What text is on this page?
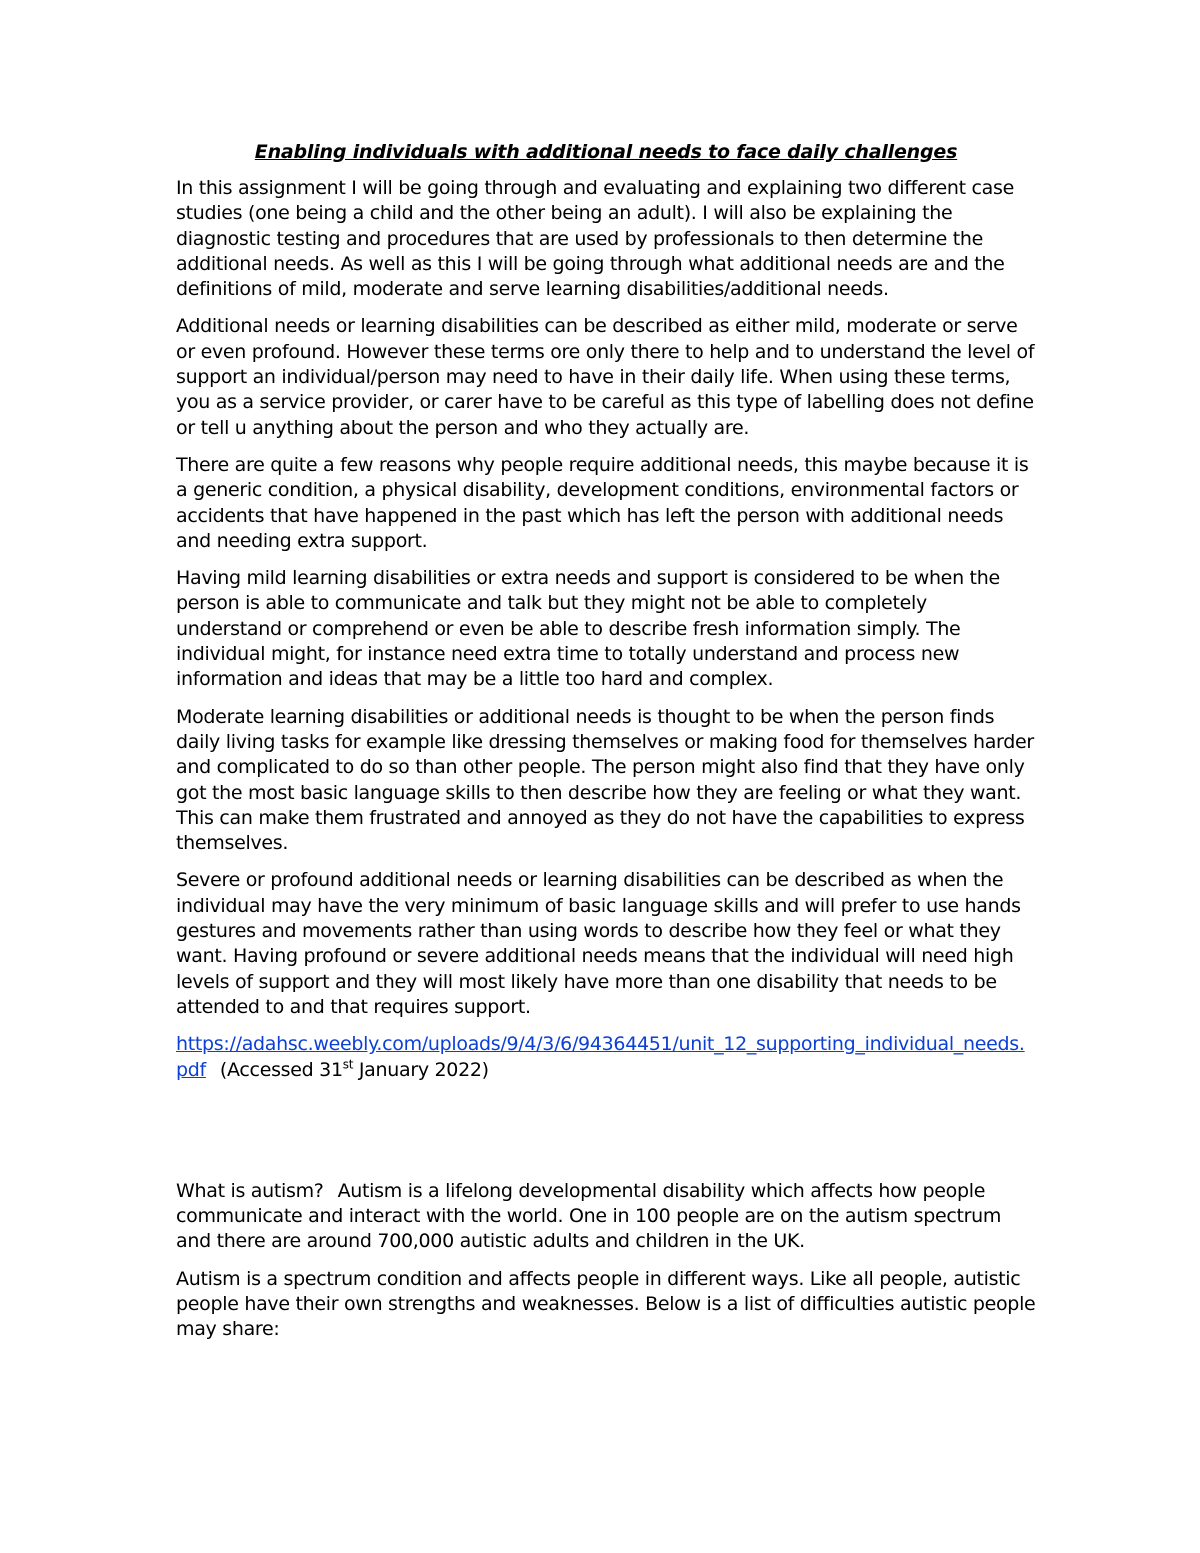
Enabling individuals with additional needs to face daily challenges

In this assignment I will be going through and evaluating and explaining two different case studies (one being a child and the other being an adult). I will also be explaining the diagnostic testing and procedures that are used by professionals to then determine the additional needs. As well as this I will be going through what additional needs are and the definitions of mild, moderate and serve learning disabilities/additional needs.

Additional needs or learning disabilities can be described as either mild, moderate or serve or even profound. However these terms ore only there to help and to understand the level of support an individual/person may need to have in their daily life. When using these terms, you as a service provider, or carer have to be careful as this type of labelling does not define or tell u anything about the person and who they actually are.

There are quite a few reasons why people require additional needs, this maybe because it is a generic condition, a physical disability, development conditions, environmental factors or accidents that have happened in the past which has left the person with additional needs and needing extra support.

Having mild learning disabilities or extra needs and support is considered to be when the person is able to communicate and talk but they might not be able to completely understand or comprehend or even be able to describe fresh information simply. The individual might, for instance need extra time to totally understand and process new information and ideas that may be a little too hard and complex.

Moderate learning disabilities or additional needs is thought to be when the person finds daily living tasks for example like dressing themselves or making food for themselves harder and complicated to do so than other people. The person might also find that they have only got the most basic language skills to then describe how they are feeling or what they want. This can make them frustrated and annoyed as they do not have the capabilities to express themselves.

Severe or profound additional needs or learning disabilities can be described as when the individual may have the very minimum of basic language skills and will prefer to use hands gestures and movements rather than using words to describe how they feel or what they want. Having profound or severe additional needs means that the individual will need high levels of support and they will most likely have more than one disability that needs to be attended to and that requires support.

https://adahsc.weebly.com/uploads/9/4/3/6/94364451/unit_12_supporting_individual_needs.pdf (Accessed 31st January 2022)

What is autism? Autism is a lifelong developmental disability which affects how people communicate and interact with the world. One in 100 people are on the autism spectrum and there are around 700,000 autistic adults and children in the UK.

Autism is a spectrum condition and affects people in different ways. Like all people, autistic people have their own strengths and weaknesses. Below is a list of difficulties autistic people may share:
